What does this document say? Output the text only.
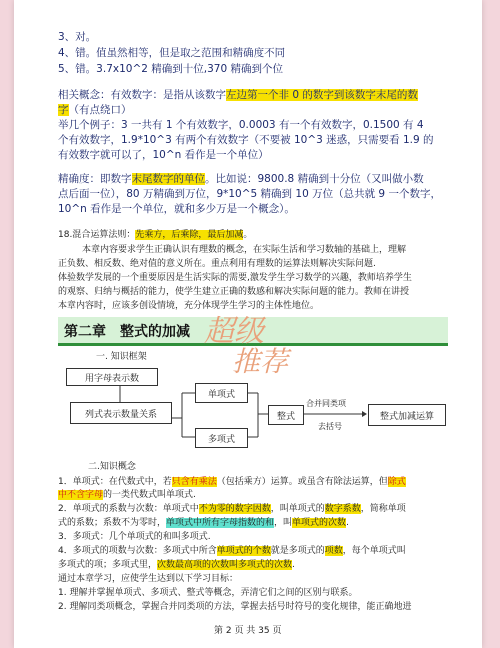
3、对。
4、错。值虽然相等，但是取之范围和精确度不同
5、错。3.7x10^2 精确到十位,370 精确到个位
相关概念：有效数字：是指从该数字左边第一个非 0 的数字到该数字末尾的数
字（有点绕口）
举几个例子：3 一共有 1 个有效数字，0.0003 有一个有效数字，0.1500 有 4
个有效数字，1.9*10^3 有两个有效数字（不要被 10^3 迷惑，只需要看 1.9 的
有效数字就可以了，10^n 看作是一个单位）
精确度：即数字末尾数字的单位。比如说：9800.8 精确到十分位（又叫做小数
点后面一位），80 万精确到万位，9*10^5 精确到 10 万位（总共就 9 一个数字，
10^n 看作是一个单位，就和多少万是一个概念）。
18.混合运算法则：先乘方，后乘除，最后加减。
本章内容要求学生正确认识有理数的概念，在实际生活和学习数轴的基础上，理解
正负数、相反数、绝对值的意义所在。重点利用有理数的运算法则解决实际问题.
体验数学发展的一个重要原因是生活实际的需要,激发学生学习数学的兴趣，教师培养学生
的观察、归纳与概括的能力，使学生建立正确的数感和解决实际问题的能力。教师在讲授
本章内容时，应该多创设情境，充分体现学生学习的主体性地位。
第二章　整式的加减 超级
推荐
一. 知识框架
用字母表示数
列式表示数量关系
单项式
多项式
整式	整式加减运算
合并同类项
去括号
二.知识概念
1．单项式：在代数式中，若只含有乘法（包括乘方）运算。或虽含有除法运算，但除式
中不含字母的一类代数式叫单项式.
2．单项式的系数与次数：单项式中不为零的数字因数，叫单项式的数字系数，简称单项
式的系数；系数不为零时，单项式中所有字母指数的和，叫单项式的次数.
3．多项式：几个单项式的和叫多项式.
4．多项式的项数与次数：多项式中所含单项式的个数就是多项式的项数，每个单项式叫
多项式的项；多项式里，次数最高项的次数叫多项式的次数.
通过本章学习，应使学生达到以下学习目标：
1. 理解并掌握单项式、多项式、整式等概念，弄清它们之间的区别与联系。
2. 理解同类项概念，掌握合并同类项的方法，掌握去括号时符号的变化规律，能正确地进
第 2 页 共 35 页
